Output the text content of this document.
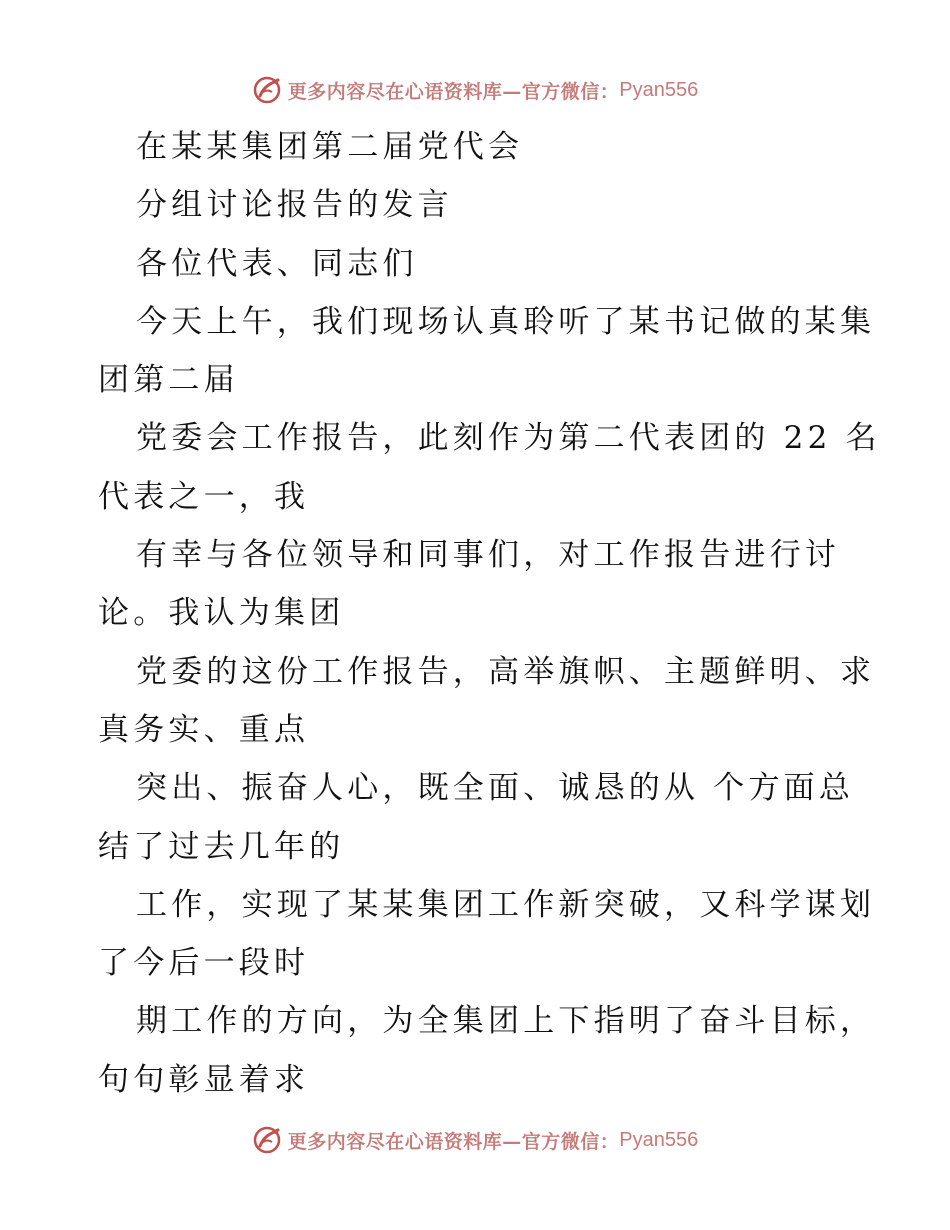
更多内容尽在心语资料库—官方微信： Pyan556
在某某集团第二届党代会
分组讨论报告的发言
各位代表、同志们
今天上午，我们现场认真聆听了某书记做的某集
团第二届
党委会工作报告，此刻作为第二代表团的 22 名
代表之一，我
有幸与各位领导和同事们，对工作报告进行讨
论。我认为集团
党委的这份工作报告，高举旗帜、主题鲜明、求
真务实、重点
突出、振奋人心，既全面、诚恳的从 个方面总
结了过去几年的
工作，实现了某某集团工作新突破，又科学谋划
了今后一段时
期工作的方向，为全集团上下指明了奋斗目标，
句句彰显着求
更多内容尽在心语资料库—官方微信： Pyan556
